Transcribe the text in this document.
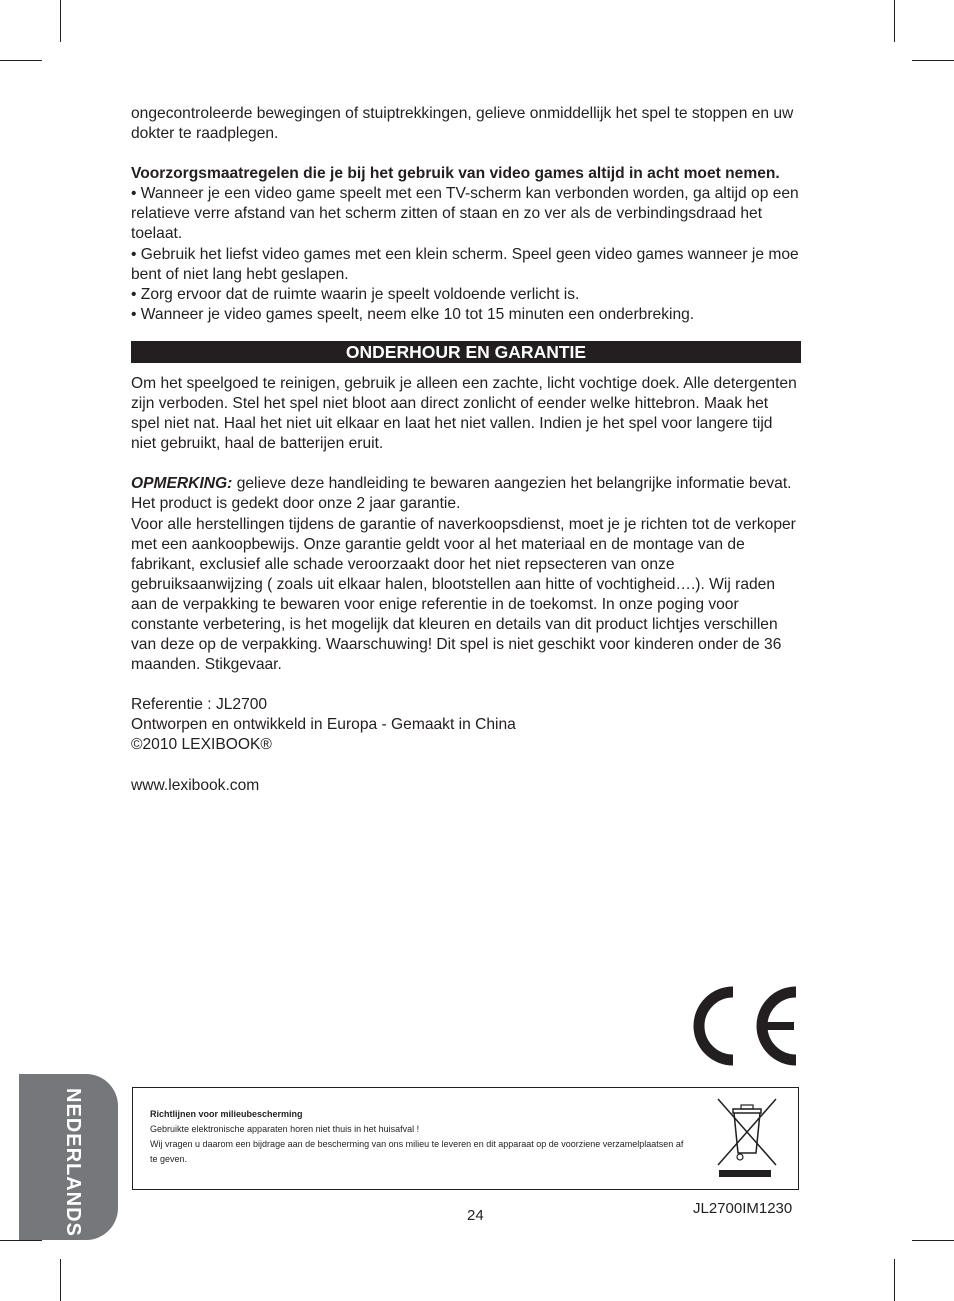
ongecontroleerde bewegingen of stuiptrekkingen, gelieve onmiddellijk het spel te stoppen en uw dokter te raadplegen.

Voorzorgsmaatregelen die je bij het gebruik van video games altijd in acht moet nemen.

• Wanneer je een video game speelt met een TV-scherm kan verbonden worden, ga altijd op een relatieve verre afstand van het scherm zitten of staan en zo ver als de verbindingsdraad het toelaat.

• Gebruik het liefst video games met een klein scherm. Speel geen video games wanneer je moe bent of niet lang hebt geslapen.

• Zorg ervoor dat de ruimte waarin je speelt voldoende verlicht is.

• Wanneer je video games speelt, neem elke 10 tot 15 minuten een onderbreking.

ONDERHOUR EN GARANTIE

Om het speelgoed te reinigen, gebruik je alleen een zachte, licht vochtige doek. Alle detergenten zijn verboden. Stel het spel niet bloot aan direct zonlicht of eender welke hittebron. Maak het spel niet nat. Haal het niet uit elkaar en laat het niet vallen. Indien je het spel voor langere tijd niet gebruikt, haal de batterijen eruit.

OPMERKING: gelieve deze handleiding te bewaren aangezien het belangrijke informatie bevat. Het product is gedekt door onze 2 jaar garantie.

Voor alle herstellingen tijdens de garantie of naverkoopsdienst, moet je je richten tot de verkoper met een aankoopbewijs. Onze garantie geldt voor al het materiaal en de montage van de fabrikant, exclusief alle schade veroorzaakt door het niet repsecteren van onze gebruiksaanwijzing ( zoals uit elkaar halen, blootstellen aan hitte of vochtigheid….). Wij raden aan de verpakking te bewaren voor enige referentie in de toekomst. In onze poging voor constante verbetering, is het mogelijk dat kleuren en details van dit product lichtjes verschillen van deze op de verpakking. Waarschuwing! Dit spel is niet geschikt voor kinderen onder de 36 maanden. Stikgevaar.

Referentie : JL2700

Ontworpen en ontwikkeld in Europa - Gemaakt in China

©2010 LEXIBOOK®

www.lexibook.com

Richtlijnen voor milieubescherming
Gebruikte elektronische apparaten horen niet thuis in het huisafval !
Wij vragen u daarom een bijdrage aan de bescherming van ons milieu te leveren en dit apparaat op de voorziene verzamelplaatsen af te geven.
NEDERLANDS	24	JL2700IM1230
